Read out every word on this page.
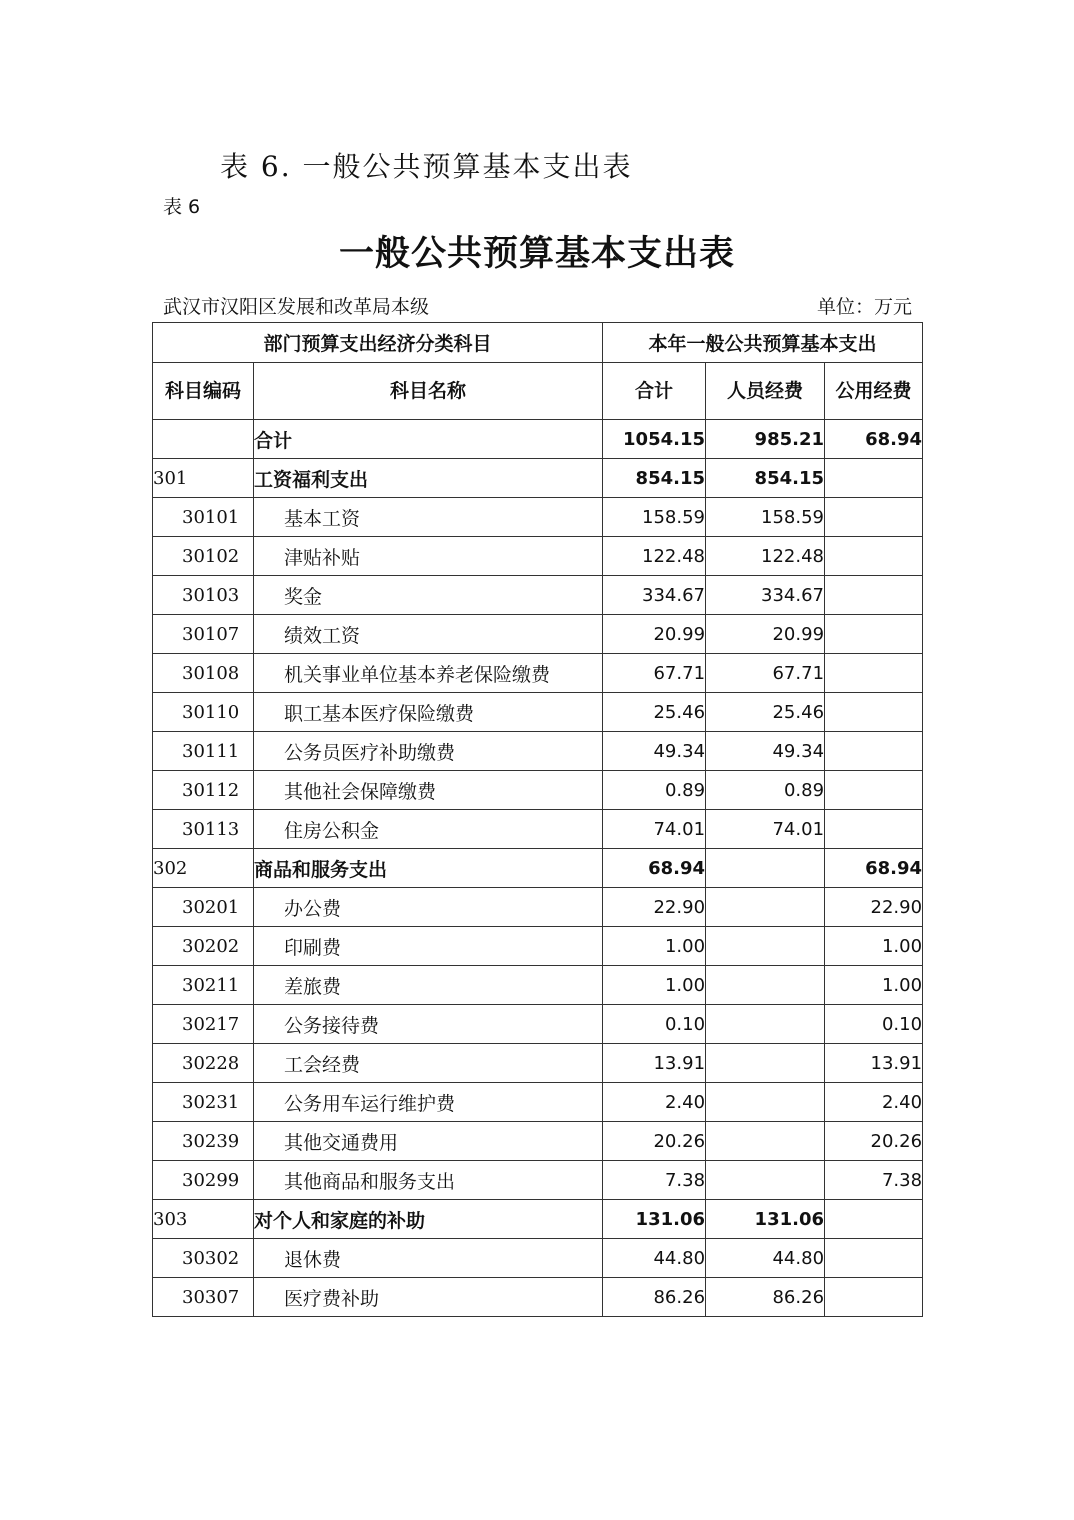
表 6. 一般公共预算基本支出表
表 6
一般公共预算基本支出表
武汉市汉阳区发展和改革局本级	单位：万元
部门预算支出经济分类科目		本年一般公共预算基本支出		
科目编码	科目名称	合计	人员经费	公用经费
	合计	1054.15	985.21	68.94
301	工资福利支出	854.15	854.15	
30101	基本工资	158.59	158.59	
30102	津贴补贴	122.48	122.48	
30103	奖金	334.67	334.67	
30107	绩效工资	20.99	20.99	
30108	机关事业单位基本养老保险缴费	67.71	67.71	
30110	职工基本医疗保险缴费	25.46	25.46	
30111	公务员医疗补助缴费	49.34	49.34	
30112	其他社会保障缴费	0.89	0.89	
30113	住房公积金	74.01	74.01	
302	商品和服务支出	68.94		68.94
30201	办公费	22.90		22.90
30202	印刷费	1.00		1.00
30211	差旅费	1.00		1.00
30217	公务接待费	0.10		0.10
30228	工会经费	13.91		13.91
30231	公务用车运行维护费	2.40		2.40
30239	其他交通费用	20.26		20.26
30299	其他商品和服务支出	7.38		7.38
303	对个人和家庭的补助	131.06	131.06	
30302	退休费	44.80	44.80	
30307	医疗费补助	86.26	86.26	
